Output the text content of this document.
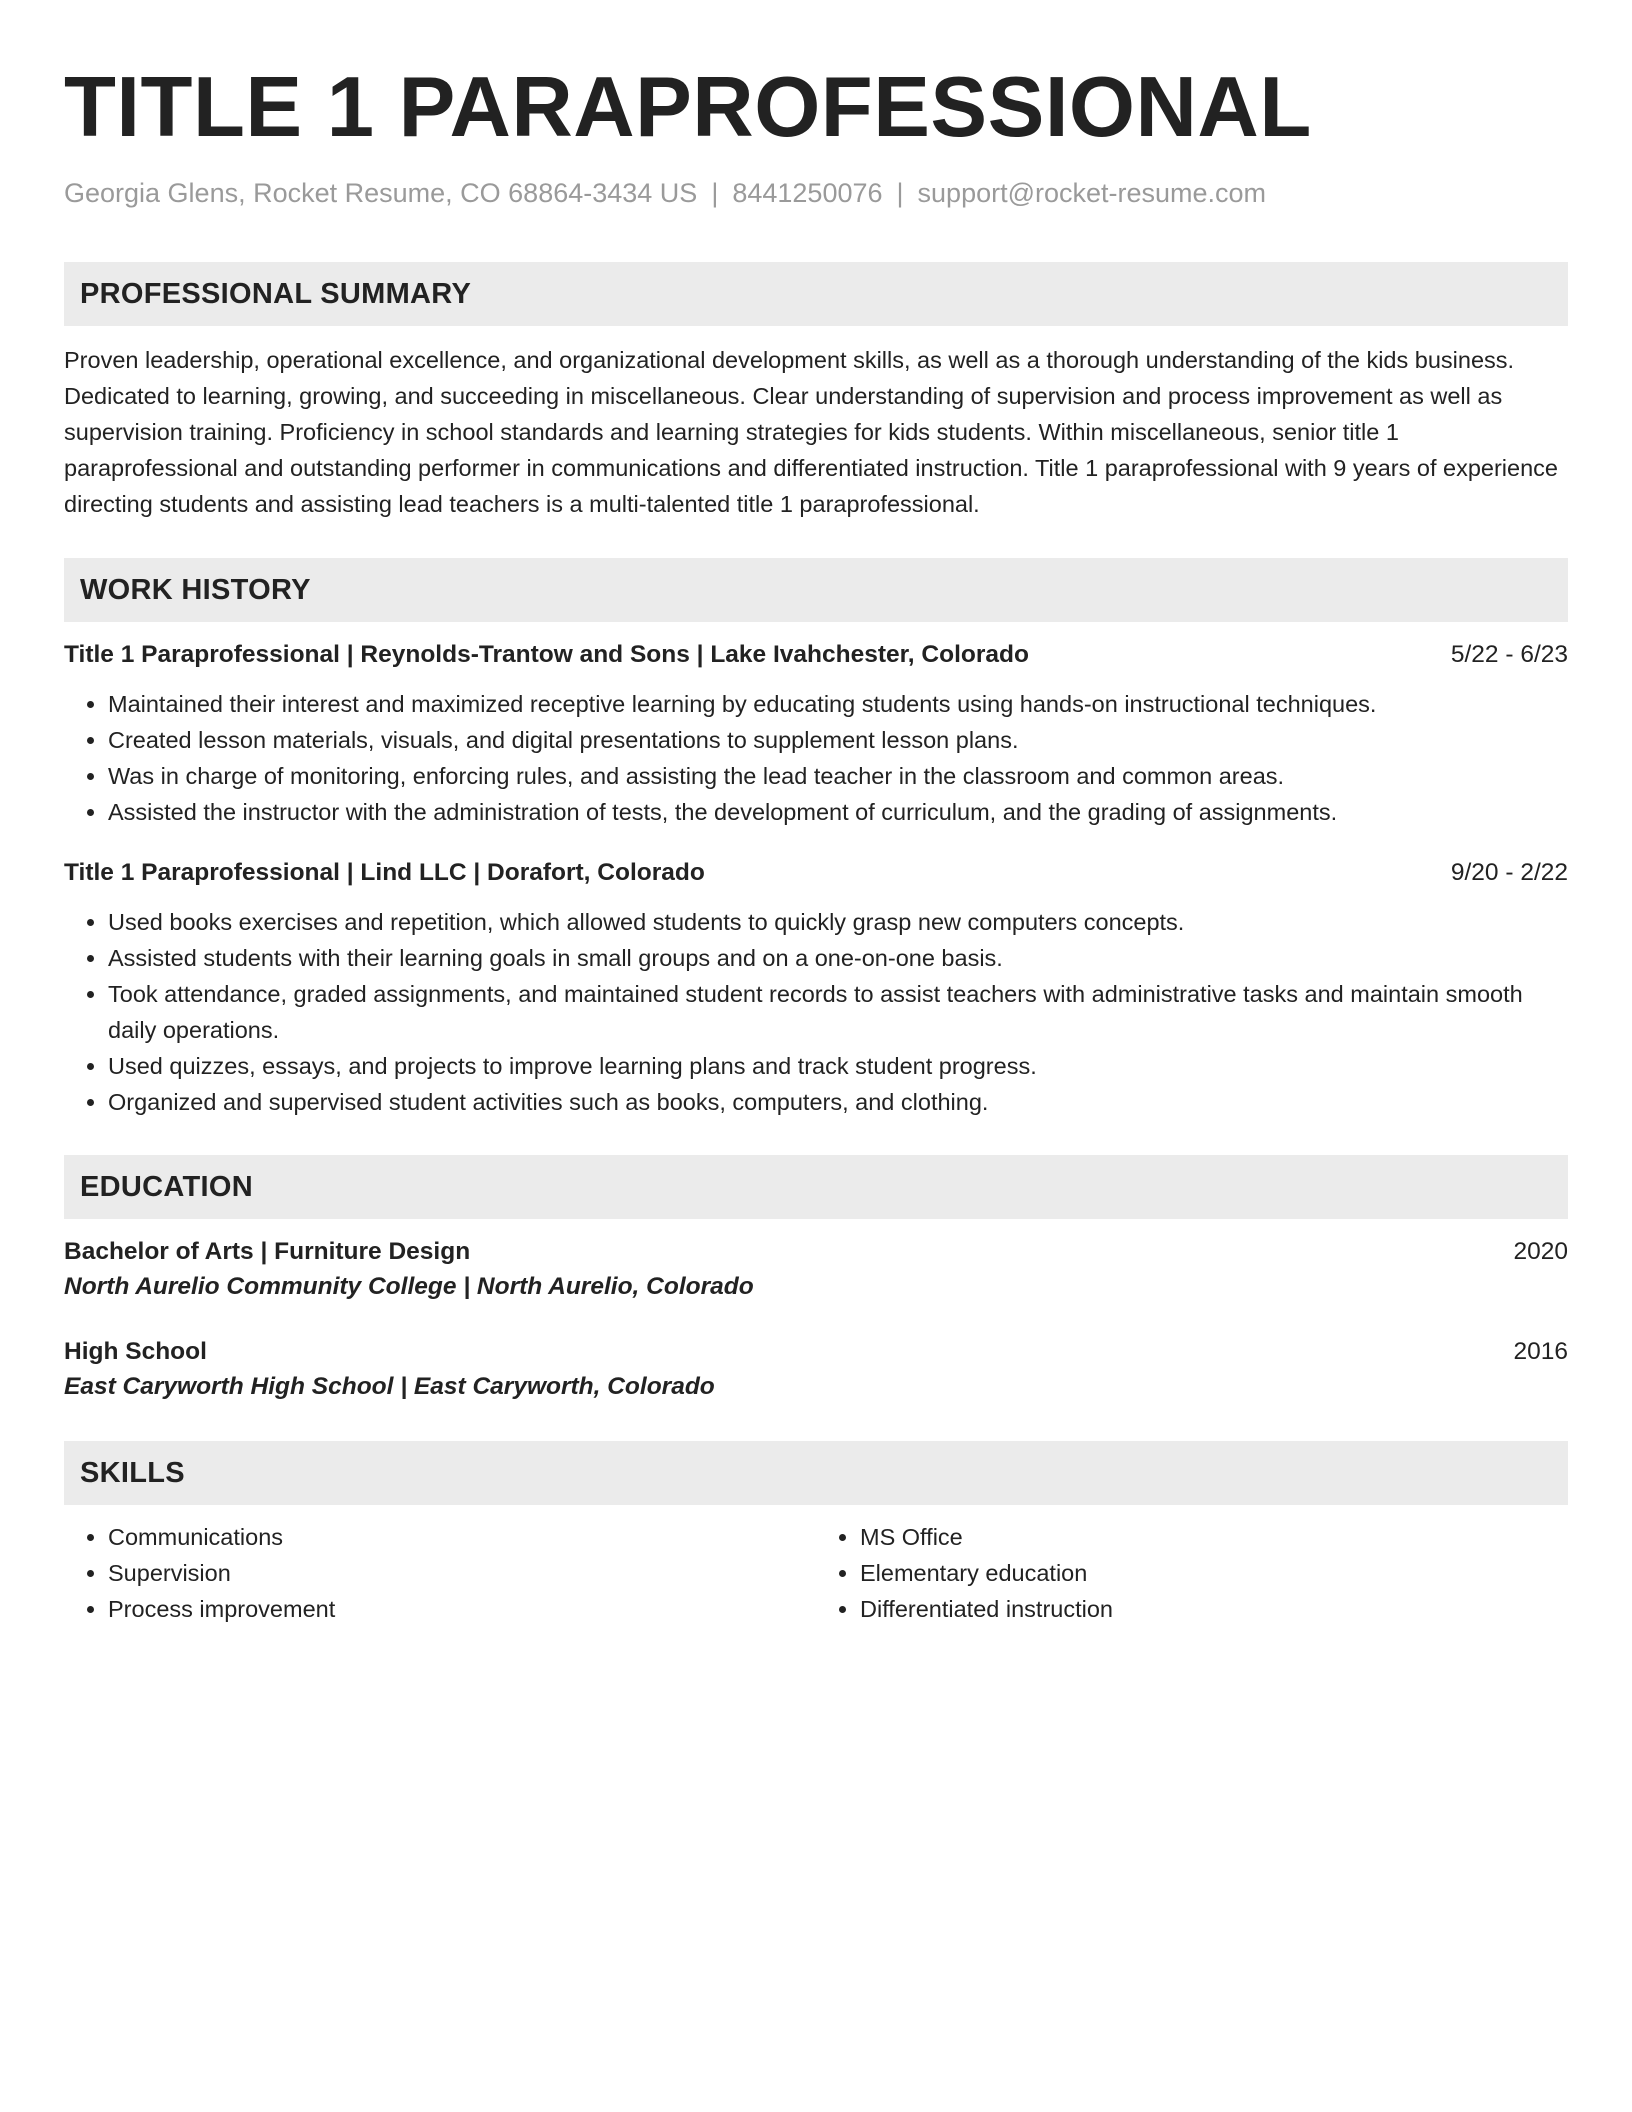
TITLE 1 PARAPROFESSIONAL
Georgia Glens, Rocket Resume, CO 68864-3434 US | 8441250076 | support@rocket-resume.com
PROFESSIONAL SUMMARY
Proven leadership, operational excellence, and organizational development skills, as well as a thorough understanding of the kids business. Dedicated to learning, growing, and succeeding in miscellaneous. Clear understanding of supervision and process improvement as well as supervision training. Proficiency in school standards and learning strategies for kids students. Within miscellaneous, senior title 1 paraprofessional and outstanding performer in communications and differentiated instruction. Title 1 paraprofessional with 9 years of experience directing students and assisting lead teachers is a multi-talented title 1 paraprofessional.
WORK HISTORY
Title 1 Paraprofessional | Reynolds-Trantow and Sons | Lake Ivahchester, Colorado	5/22 - 6/23
• Maintained their interest and maximized receptive learning by educating students using hands-on instructional techniques.
• Created lesson materials, visuals, and digital presentations to supplement lesson plans.
• Was in charge of monitoring, enforcing rules, and assisting the lead teacher in the classroom and common areas.
• Assisted the instructor with the administration of tests, the development of curriculum, and the grading of assignments.
Title 1 Paraprofessional | Lind LLC | Dorafort, Colorado	9/20 - 2/22
• Used books exercises and repetition, which allowed students to quickly grasp new computers concepts.
• Assisted students with their learning goals in small groups and on a one-on-one basis.
• Took attendance, graded assignments, and maintained student records to assist teachers with administrative tasks and maintain smooth daily operations.
• Used quizzes, essays, and projects to improve learning plans and track student progress.
• Organized and supervised student activities such as books, computers, and clothing.
EDUCATION
Bachelor of Arts | Furniture Design	2020
North Aurelio Community College | North Aurelio, Colorado
High School	2016
East Caryworth High School | East Caryworth, Colorado
SKILLS
• Communications
• Supervision
• Process improvement
• MS Office
• Elementary education
• Differentiated instruction
